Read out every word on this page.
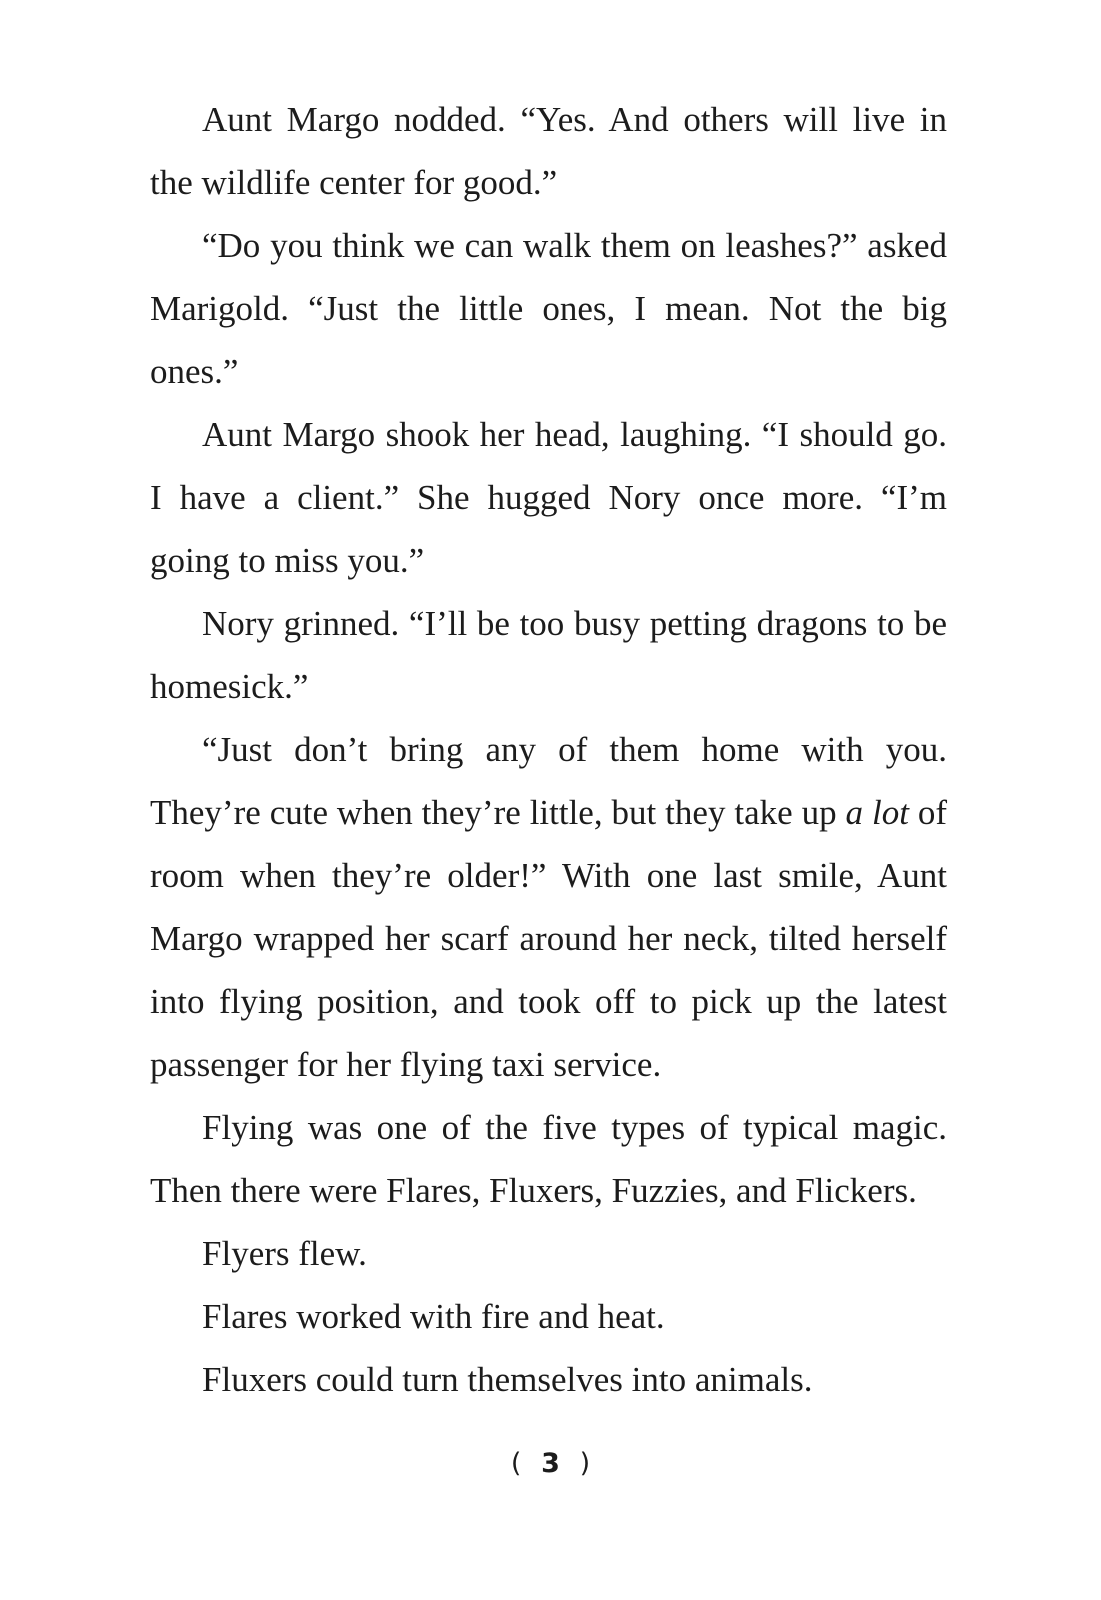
Aunt Margo nodded. “Yes. And others will live in the wildlife center for good.”

“Do you think we can walk them on leashes?” asked Marigold. “Just the little ones, I mean. Not the big ones.”

Aunt Margo shook her head, laughing. “I should go. I have a client.” She hugged Nory once more. “I’m going to miss you.”

Nory grinned. “I’ll be too busy petting dragons to be homesick.”

“Just don’t bring any of them home with you. They’re cute when they’re little, but they take up a lot of room when they’re older!” With one last smile, Aunt Margo wrapped her scarf around her neck, tilted herself into flying position, and took off to pick up the latest passenger for her flying taxi service.

Flying was one of the five types of typical magic. Then there were Flares, Fluxers, Fuzzies, and Flickers.

Flyers flew.

Flares worked with fire and heat.

Fluxers could turn themselves into animals.

( 3 )
